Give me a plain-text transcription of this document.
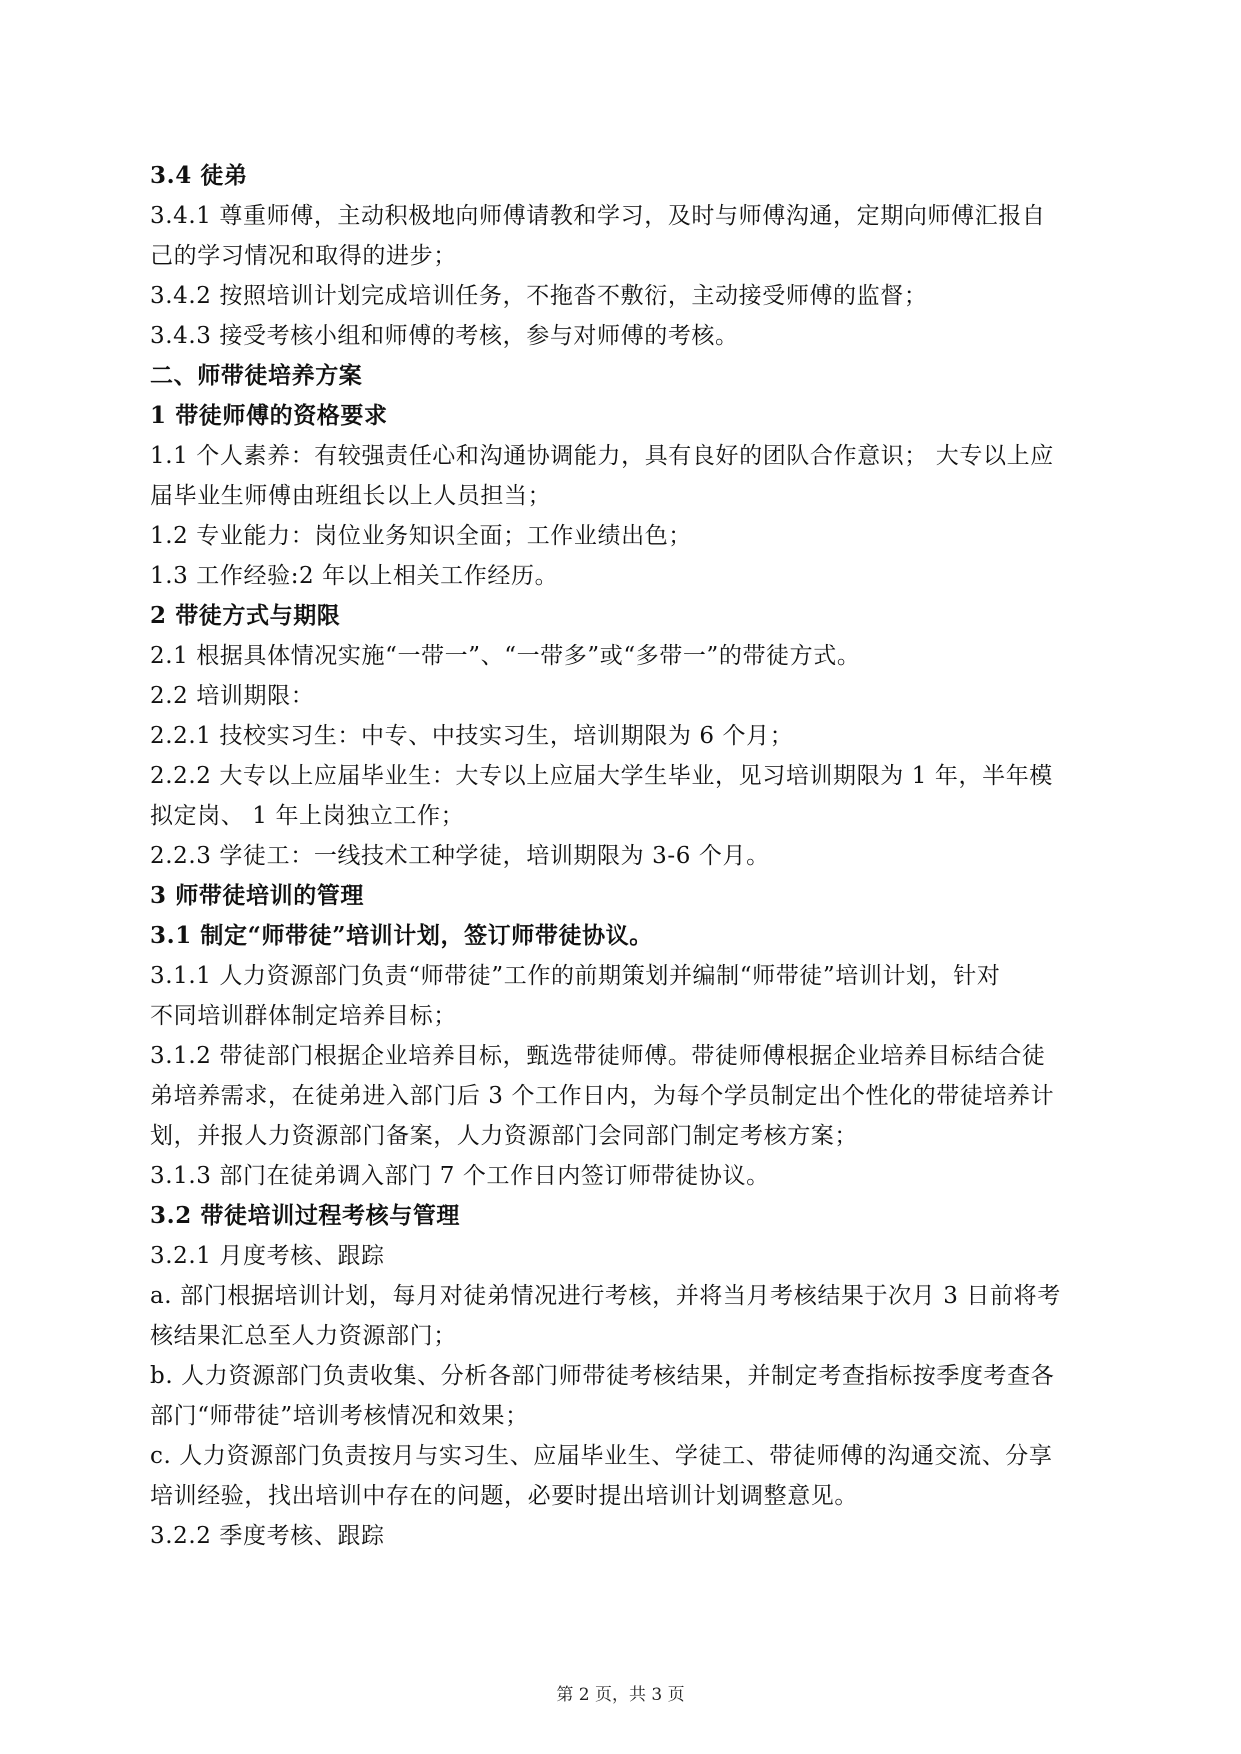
3.4 徒弟
3.4.1 尊重师傅，主动积极地向师傅请教和学习，及时与师傅沟通，定期向师傅汇报自
己的学习情况和取得的进步；
3.4.2 按照培训计划完成培训任务，不拖沓不敷衍，主动接受师傅的监督；
3.4.3 接受考核小组和师傅的考核，参与对师傅的考核。
二、师带徒培养方案
1 带徒师傅的资格要求
1.1 个人素养：有较强责任心和沟通协调能力，具有良好的团队合作意识； 大专以上应
届毕业生师傅由班组长以上人员担当；
1.2 专业能力：岗位业务知识全面；工作业绩出色；
1.3 工作经验:2 年以上相关工作经历。
2 带徒方式与期限
2.1 根据具体情况实施“一带一”、“一带多”或“多带一”的带徒方式。
2.2 培训期限：
2.2.1 技校实习生：中专、中技实习生，培训期限为 6 个月；
2.2.2 大专以上应届毕业生：大专以上应届大学生毕业，见习培训期限为 1 年，半年模
拟定岗、 1 年上岗独立工作；
2.2.3 学徒工：一线技术工种学徒，培训期限为 3-6 个月。
3 师带徒培训的管理
3.1 制定“师带徒”培训计划，签订师带徒协议。
3.1.1 人力资源部门负责“师带徒”工作的前期策划并编制“师带徒”培训计划，针对
不同培训群体制定培养目标；
3.1.2 带徒部门根据企业培养目标，甄选带徒师傅。带徒师傅根据企业培养目标结合徒
弟培养需求，在徒弟进入部门后 3 个工作日内，为每个学员制定出个性化的带徒培养计
划，并报人力资源部门备案，人力资源部门会同部门制定考核方案；
3.1.3 部门在徒弟调入部门 7 个工作日内签订师带徒协议。
3.2 带徒培训过程考核与管理
3.2.1 月度考核、跟踪
a. 部门根据培训计划，每月对徒弟情况进行考核，并将当月考核结果于次月 3 日前将考
核结果汇总至人力资源部门；
b. 人力资源部门负责收集、分析各部门师带徒考核结果，并制定考查指标按季度考查各
部门“师带徒”培训考核情况和效果；
c. 人力资源部门负责按月与实习生、应届毕业生、学徒工、带徒师傅的沟通交流、分享
培训经验，找出培训中存在的问题，必要时提出培训计划调整意见。
3.2.2 季度考核、跟踪
第 2 页，共 3 页
